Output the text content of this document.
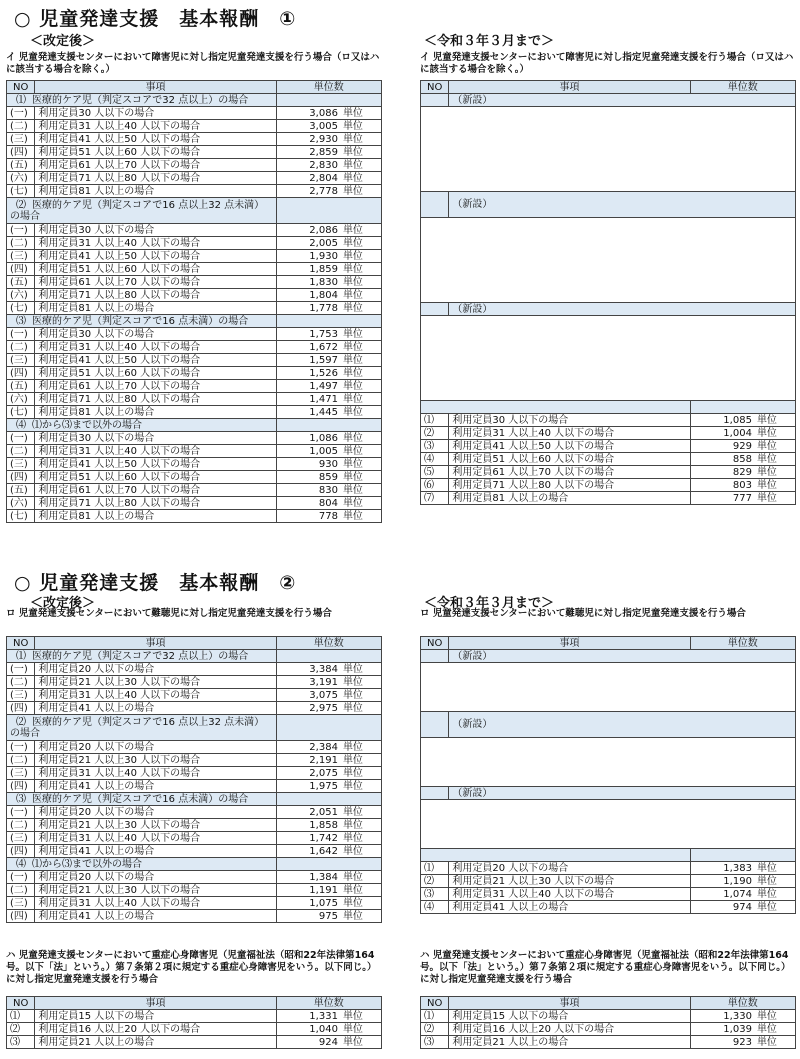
○ 児童発達支援　基本報酬　①
＜改定後＞	＜令和３年３月まで＞
イ 児童発達支援センターにおいて障害児に対し指定児童発達支援を行う場合（ロ又はハに該当する場合を除く。）
イ 児童発達支援センターにおいて障害児に対し指定児童発達支援を行う場合（ロ又はハに該当する場合を除く。）
NO	事項	単位数	
⑴ 医療的ケア児（判定スコアで32 点以上）の場合			
(一)	利用定員30 人以下の場合	3,086	単位
(二)	利用定員31 人以上40 人以下の場合	3,005	単位
(三)	利用定員41 人以上50 人以下の場合	2,930	単位
(四)	利用定員51 人以上60 人以下の場合	2,859	単位
(五)	利用定員61 人以上70 人以下の場合	2,830	単位
(六)	利用定員71 人以上80 人以下の場合	2,804	単位
(七)	利用定員81 人以上の場合	2,778	単位
⑵ 医療的ケア児（判定スコアで16 点以上32 点未満）の場合			
(一)	利用定員30 人以下の場合	2,086	単位
(二)	利用定員31 人以上40 人以下の場合	2,005	単位
(三)	利用定員41 人以上50 人以下の場合	1,930	単位
(四)	利用定員51 人以上60 人以下の場合	1,859	単位
(五)	利用定員61 人以上70 人以下の場合	1,830	単位
(六)	利用定員71 人以上80 人以下の場合	1,804	単位
(七)	利用定員81 人以上の場合	1,778	単位
⑶ 医療的ケア児（判定スコアで16 点未満）の場合			
(一)	利用定員30 人以下の場合	1,753	単位
(二)	利用定員31 人以上40 人以下の場合	1,672	単位
(三)	利用定員41 人以上50 人以下の場合	1,597	単位
(四)	利用定員51 人以上60 人以下の場合	1,526	単位
(五)	利用定員61 人以上70 人以下の場合	1,497	単位
(六)	利用定員71 人以上80 人以下の場合	1,471	単位
(七)	利用定員81 人以上の場合	1,445	単位
⑷ ⑴から⑶まで以外の場合			
(一)	利用定員30 人以下の場合	1,086	単位
(二)	利用定員31 人以上40 人以下の場合	1,005	単位
(三)	利用定員41 人以上50 人以下の場合	930	単位
(四)	利用定員51 人以上60 人以下の場合	859	単位
(五)	利用定員61 人以上70 人以下の場合	830	単位
(六)	利用定員71 人以上80 人以下の場合	804	単位
(七)	利用定員81 人以上の場合	778	単位
NO	事項	単位数	
	（新設）		

	（新設）		

	（新設）		

⑴	利用定員30 人以下の場合	1,085	単位
⑵	利用定員31 人以上40 人以下の場合	1,004	単位
⑶	利用定員41 人以上50 人以下の場合	929	単位
⑷	利用定員51 人以上60 人以下の場合	858	単位
⑸	利用定員61 人以上70 人以下の場合	829	単位
⑹	利用定員71 人以上80 人以下の場合	803	単位
⑺	利用定員81 人以上の場合	777	単位
○ 児童発達支援　基本報酬　②
＜改定後＞	＜令和３年３月まで＞
ロ 児童発達支援センターにおいて難聴児に対し指定児童発達支援を行う場合	ロ 児童発達支援センターにおいて難聴児に対し指定児童発達支援を行う場合
NO	事項	単位数	
⑴ 医療的ケア児（判定スコアで32 点以上）の場合			
(一)	利用定員20 人以下の場合	3,384	単位
(二)	利用定員21 人以上30 人以下の場合	3,191	単位
(三)	利用定員31 人以上40 人以下の場合	3,075	単位
(四)	利用定員41 人以上の場合	2,975	単位
⑵ 医療的ケア児（判定スコアで16 点以上32 点未満）の場合			
(一)	利用定員20 人以下の場合	2,384	単位
(二)	利用定員21 人以上30 人以下の場合	2,191	単位
(三)	利用定員31 人以上40 人以下の場合	2,075	単位
(四)	利用定員41 人以上の場合	1,975	単位
⑶ 医療的ケア児（判定スコアで16 点未満）の場合			
(一)	利用定員20 人以下の場合	2,051	単位
(二)	利用定員21 人以上30 人以下の場合	1,858	単位
(三)	利用定員31 人以上40 人以下の場合	1,742	単位
(四)	利用定員41 人以上の場合	1,642	単位
⑷ ⑴から⑶まで以外の場合			
(一)	利用定員20 人以下の場合	1,384	単位
(二)	利用定員21 人以上30 人以下の場合	1,191	単位
(三)	利用定員31 人以上40 人以下の場合	1,075	単位
(四)	利用定員41 人以上の場合	975	単位
NO	事項	単位数	
	（新設）		

	（新設）		

	（新設）		

⑴	利用定員20 人以下の場合	1,383	単位
⑵	利用定員21 人以上30 人以下の場合	1,190	単位
⑶	利用定員31 人以上40 人以下の場合	1,074	単位
⑷	利用定員41 人以上の場合	974	単位
ハ 児童発達支援センターにおいて重症心身障害児（児童福祉法（昭和22年法律第164 号。以下「法」という。）第７条第２項に規定する重症心身障害児をいう。以下同じ。）に対し指定児童発達支援を行う場合
ハ 児童発達支援センターにおいて重症心身障害児（児童福祉法（昭和22年法律第164 号。以下「法」という。）第７条第２項に規定する重症心身障害児をいう。以下同じ。）に対し指定児童発達支援を行う場合
NO	事項	単位数	
⑴	利用定員15 人以下の場合	1,331	単位
⑵	利用定員16 人以上20 人以下の場合	1,040	単位
⑶	利用定員21 人以上の場合	924	単位
NO	事項	単位数	
⑴	利用定員15 人以下の場合	1,330	単位
⑵	利用定員16 人以上20 人以下の場合	1,039	単位
⑶	利用定員21 人以上の場合	923	単位
